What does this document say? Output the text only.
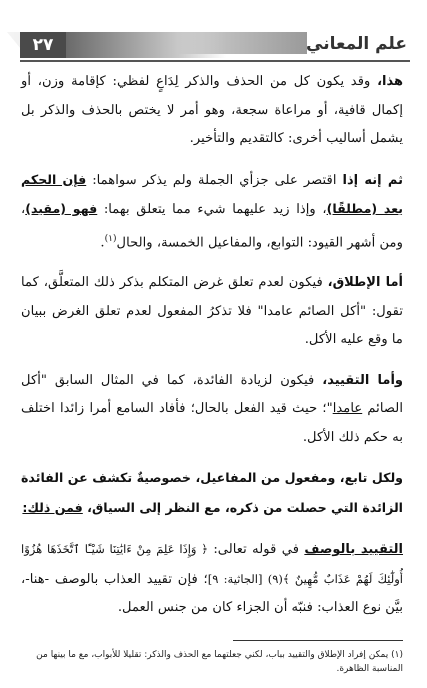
علم المعاني
٢٧

هذا، وقد يكون كل من الحذف والذكر لِدَاعٍ لفظي: كإقامة وزن، أو إكمال قافية، أو مراعاة سجعة، وهو أمر لا يختص بالحذف والذكر بل يشمل أساليب أخرى: كالتقديم والتأخير.

ثم إنه إذا اقتصر على جزأي الجملة ولم يذكر سواهما: فإن الحكم يعد (مطلقًا)، وإذا زيد عليهما شيء مما يتعلق بهما: فهو (مقيد)، ومن أشهر القيود: التوابع، والمفاعيل الخمسة، والحال$^{(١)}$.

أما الإطلاق، فيكون لعدم تعلق غرض المتكلم بذكر ذلك المتعلَّق، كما تقول: "أكل الصائم عامدا" فلا تذكرُ المفعول لعدم تعلق الغرض ببيان ما وقع عليه الأكل.

وأما التقييد، فيكون لزيادة الفائدة، كما في المثال السابق "أكل الصائم عامدا"؛ حيث قيد الفعل بالحال؛ فأفاد السامع أمرا زائدا اختلف به حكم ذلك الأكل.

ولكل تابع، ومفعول من المفاعيل، خصوصيةٌ تكشف عن الفائدة الزائدة التي حصلت من ذكره، مع النظر إلى السياق، فمن ذلك:

التقييد بالوصف في قوله تعالى: ﴿ وَإِذَا عَلِمَ مِنْ ءَايَٰتِنَا شَيْـًٔا ٱتَّخَذَهَا هُزُوًا أُولَٰٓئِكَ لَهُمْ عَذَابٌ مُّهِينٌ ﴾(٩) [الجاثية: ٩]؛ فإن تقييد العذاب بالوصف -هنا-، بيَّن نوع العذاب: فنبّه أن الجزاء كان من جنس العمل.

(١) يمكن إفراد الإطلاق والتقييد بباب، لكني جعلتهما مع الحذف والذكر: تقليلا للأبواب، مع ما بينها من المناسبة الظاهرة.
